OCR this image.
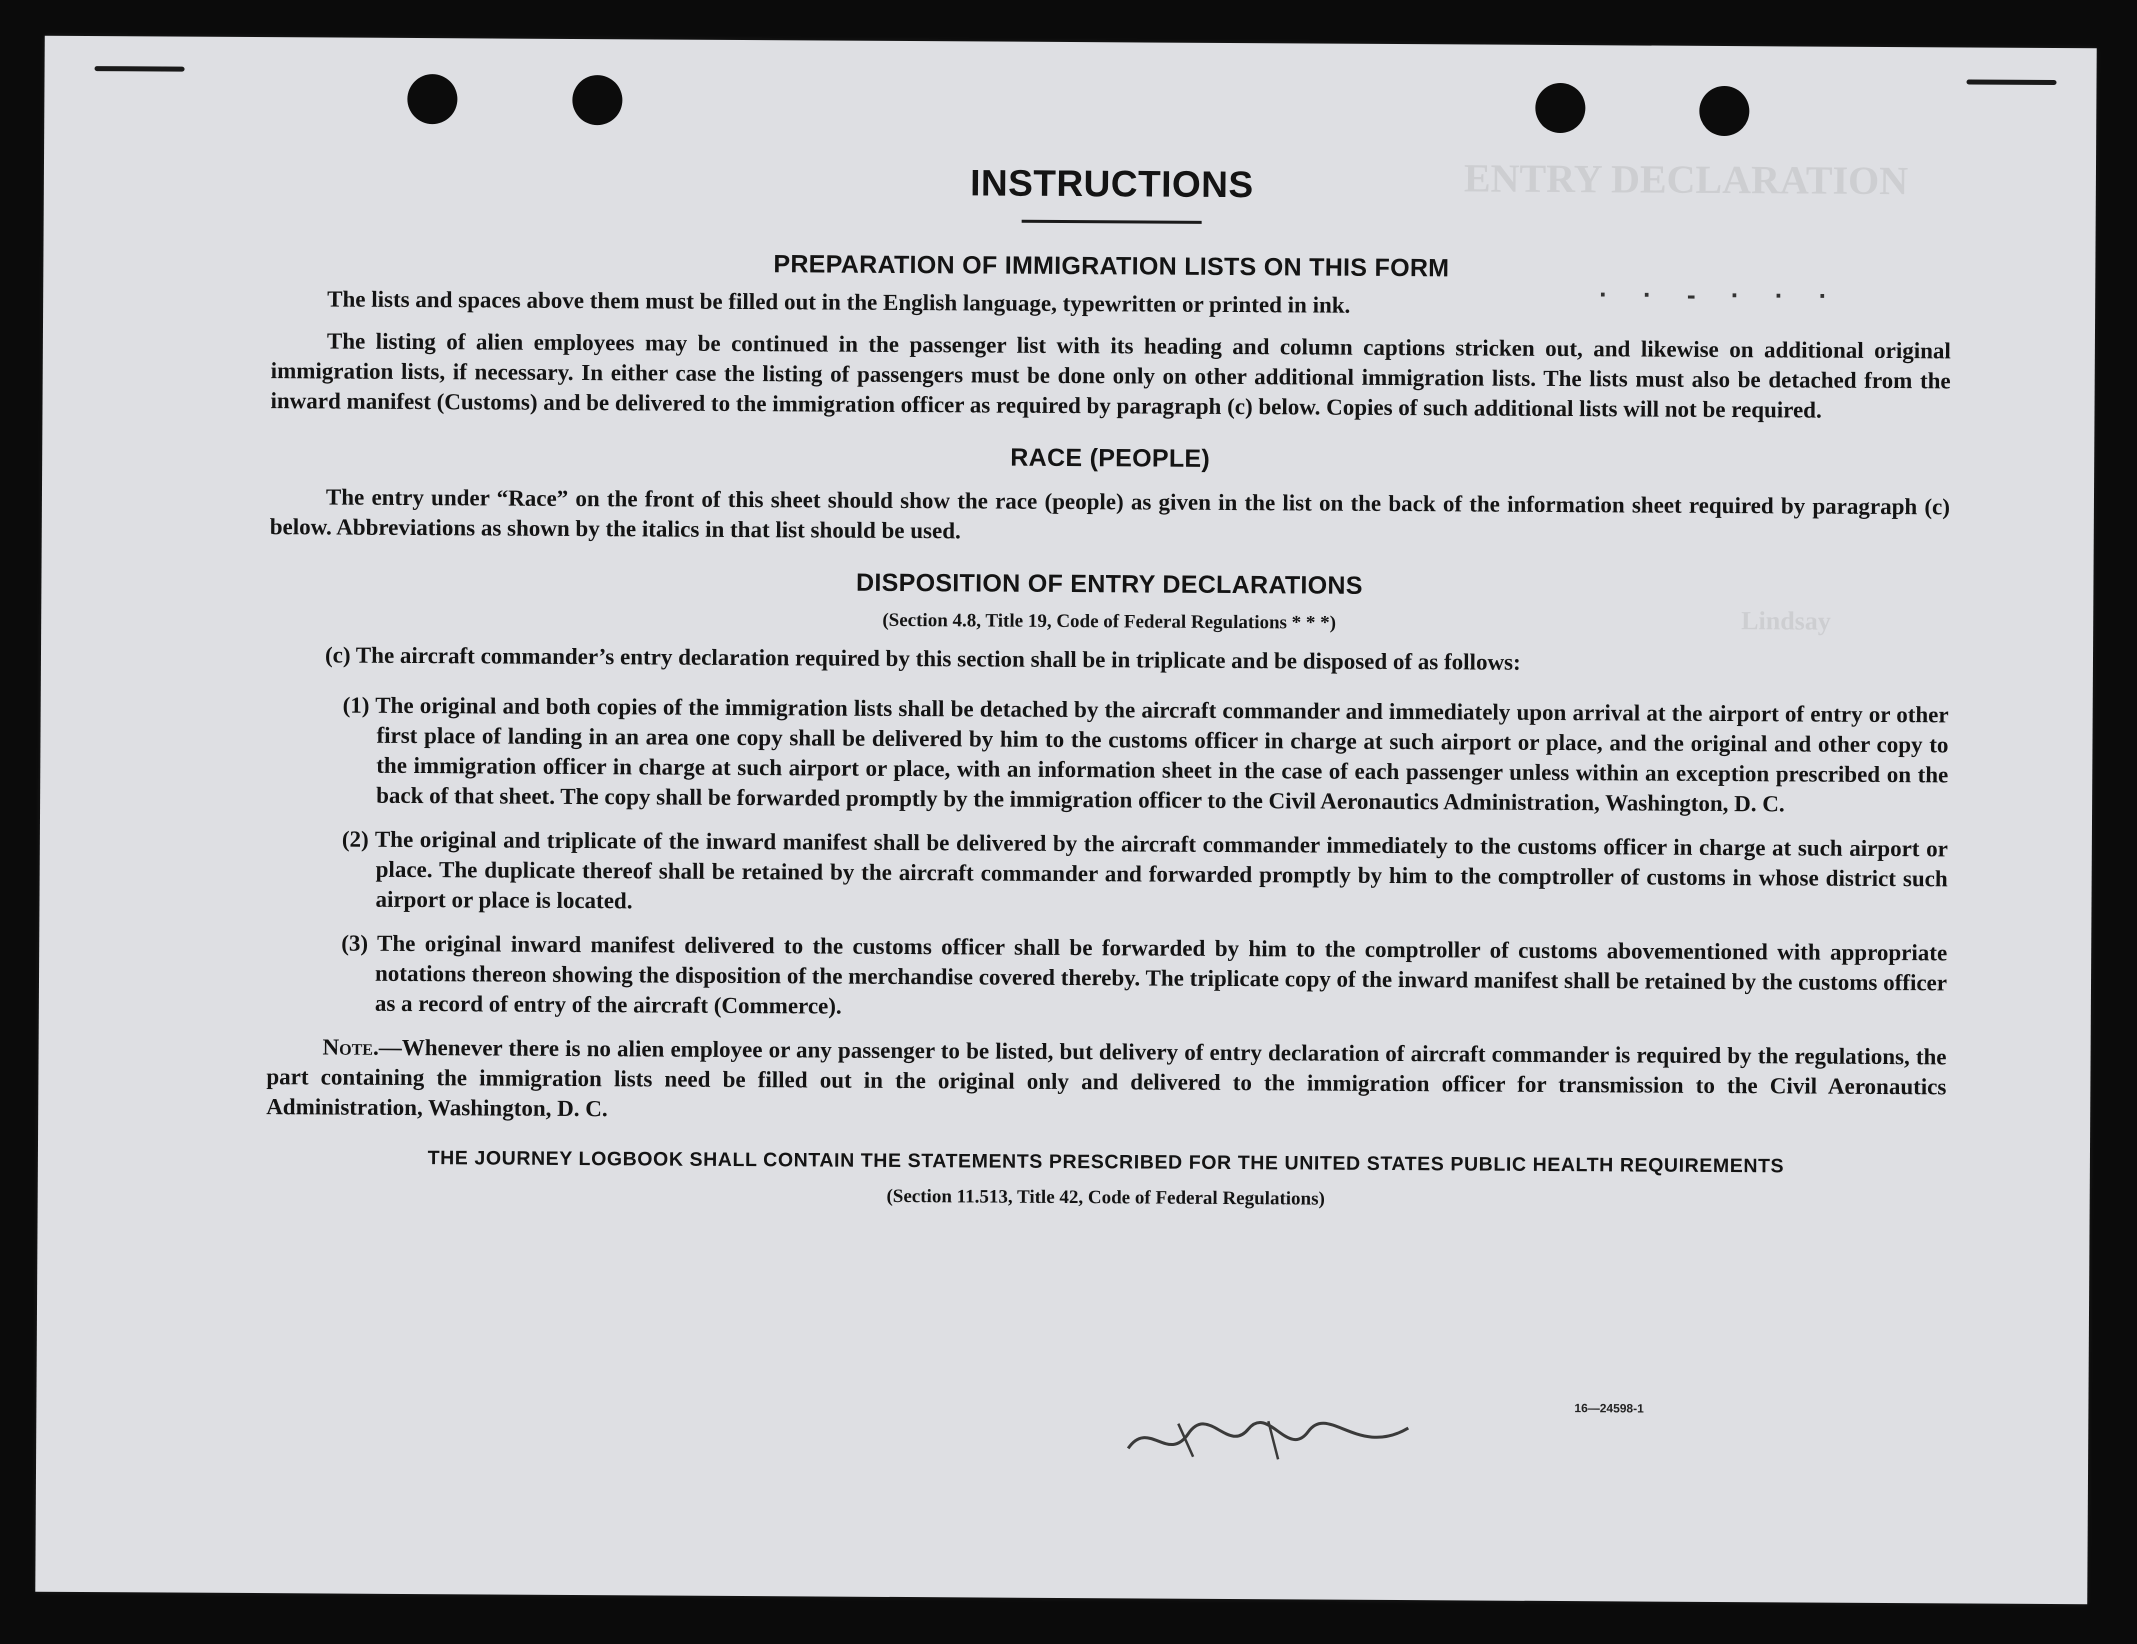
ENTRY DECLARATION
Lindsay
· · - · · ·
16—24598-1
INSTRUCTIONS
PREPARATION OF IMMIGRATION LISTS ON THIS FORM

The lists and spaces above them must be filled out in the English language, typewritten or printed in ink.

The listing of alien employees may be continued in the passenger list with its heading and column captions stricken out, and likewise on additional original immigration lists, if necessary. In either case the listing of passengers must be done only on other additional immigration lists. The lists must also be detached from the inward manifest (Customs) and be delivered to the immigration officer as required by paragraph (c) below. Copies of such additional lists will not be required.

RACE (PEOPLE)

The entry under “Race” on the front of this sheet should show the race (people) as given in the list on the back of the information sheet required by paragraph (c) below. Abbreviations as shown by the italics in that list should be used.

DISPOSITION OF ENTRY DECLARATIONS
(Section 4.8, Title 19, Code of Federal Regulations * * *)

(c) The aircraft commander’s entry declaration required by this section shall be in triplicate and be disposed of as follows:

(1) The original and both copies of the immigration lists shall be detached by the aircraft commander and immediately upon arrival at the airport of entry or other first place of landing in an area one copy shall be delivered by him to the customs officer in charge at such airport or place, and the original and other copy to the immigration officer in charge at such airport or place, with an information sheet in the case of each passenger unless within an exception prescribed on the back of that sheet. The copy shall be forwarded promptly by the immigration officer to the Civil Aeronautics Administration, Washington, D. C.

(2) The original and triplicate of the inward manifest shall be delivered by the aircraft commander immediately to the customs officer in charge at such airport or place. The duplicate thereof shall be retained by the aircraft commander and forwarded promptly by him to the comptroller of customs in whose district such airport or place is located.

(3) The original inward manifest delivered to the customs officer shall be forwarded by him to the comptroller of customs abovementioned with appropriate notations thereon showing the disposition of the merchandise covered thereby. The triplicate copy of the inward manifest shall be retained by the customs officer as a record of entry of the aircraft (Commerce).

Note.—Whenever there is no alien employee or any passenger to be listed, but delivery of entry declaration of aircraft commander is required by the regulations, the part containing the immigration lists need be filled out in the original only and delivered to the immigration officer for transmission to the Civil Aeronautics Administration, Washington, D. C.

THE JOURNEY LOGBOOK SHALL CONTAIN THE STATEMENTS PRESCRIBED FOR THE UNITED STATES PUBLIC HEALTH REQUIREMENTS
(Section 11.513, Title 42, Code of Federal Regulations)
